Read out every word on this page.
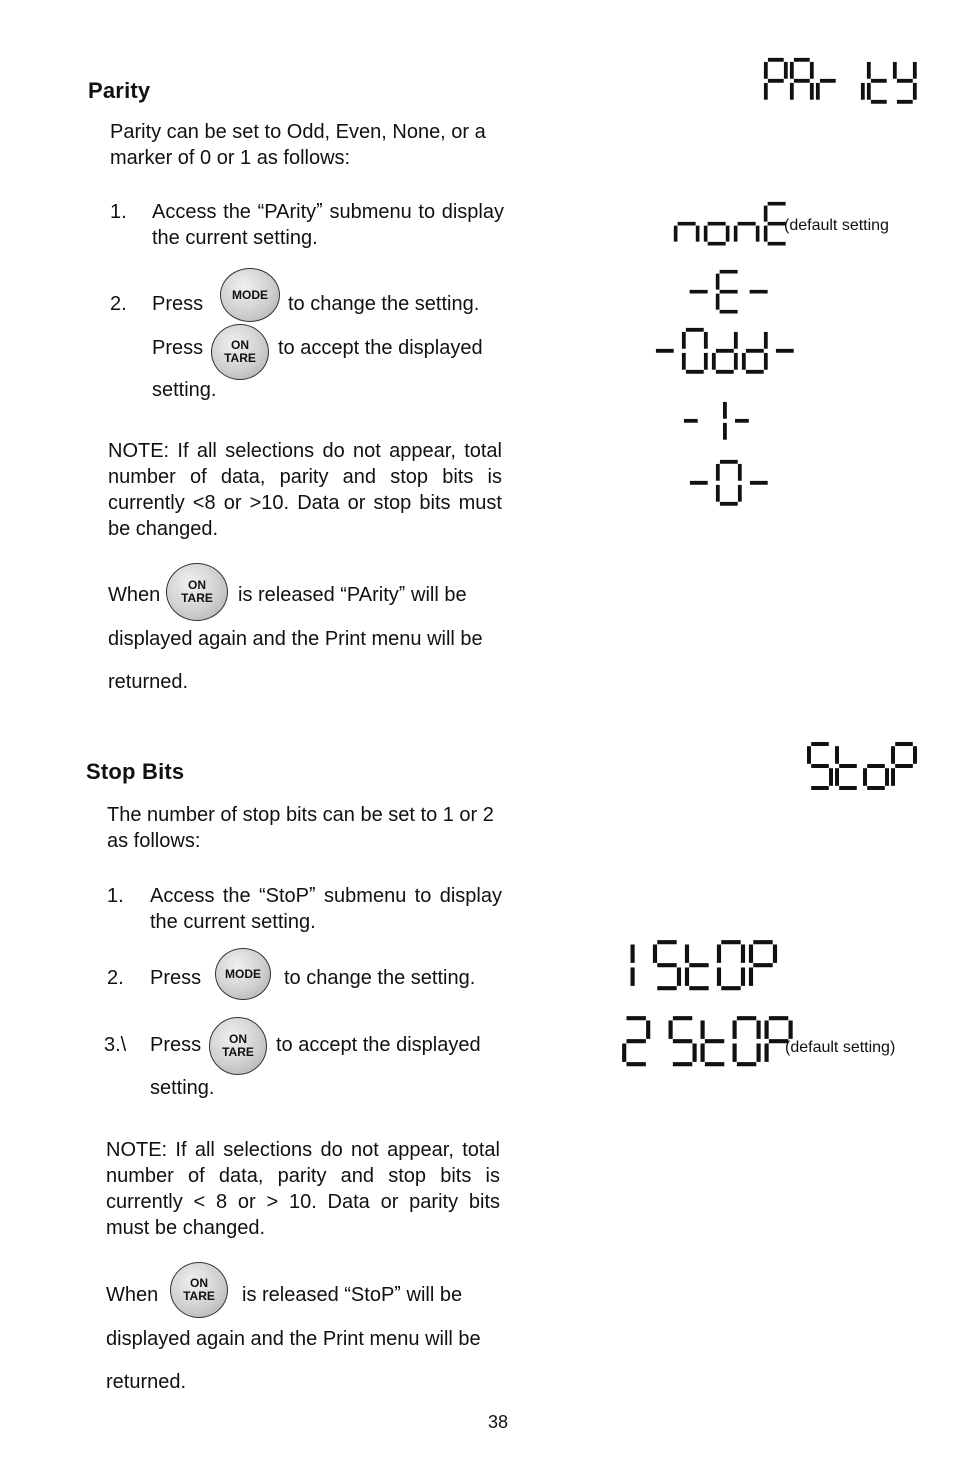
Parity
Parity can be set to Odd, Even, None, or a marker of 0 or 1 as follows:
1. Access the “PArityˮ submenu to display the current setting.
2. Press MODE to change the setting.
Press ON
TARE to accept the displayed
setting.
NOTE: If all selections do not appear, total number of data, parity and stop bits is currently <8 or >10. Data or stop bits must be changed.
When ON
TARE is released “PArityˮ will be
displayed again and the Print menu will be
returned.
Stop Bits
The number of stop bits can be set to 1 or 2 as follows:
1. Access the “StoPˮ submenu to display the current setting.
2. Press MODE to change the setting.
3.\ Press ON
TARE to accept the displayed
setting.
NOTE: If all selections do not appear, total number of data, parity and stop bits is currently < 8 or > 10. Data or parity bits must be changed.
When
ON
TARE is released “StoPˮ will be
displayed again and the Print menu will be
returned.
(default setting
(default setting)
38
